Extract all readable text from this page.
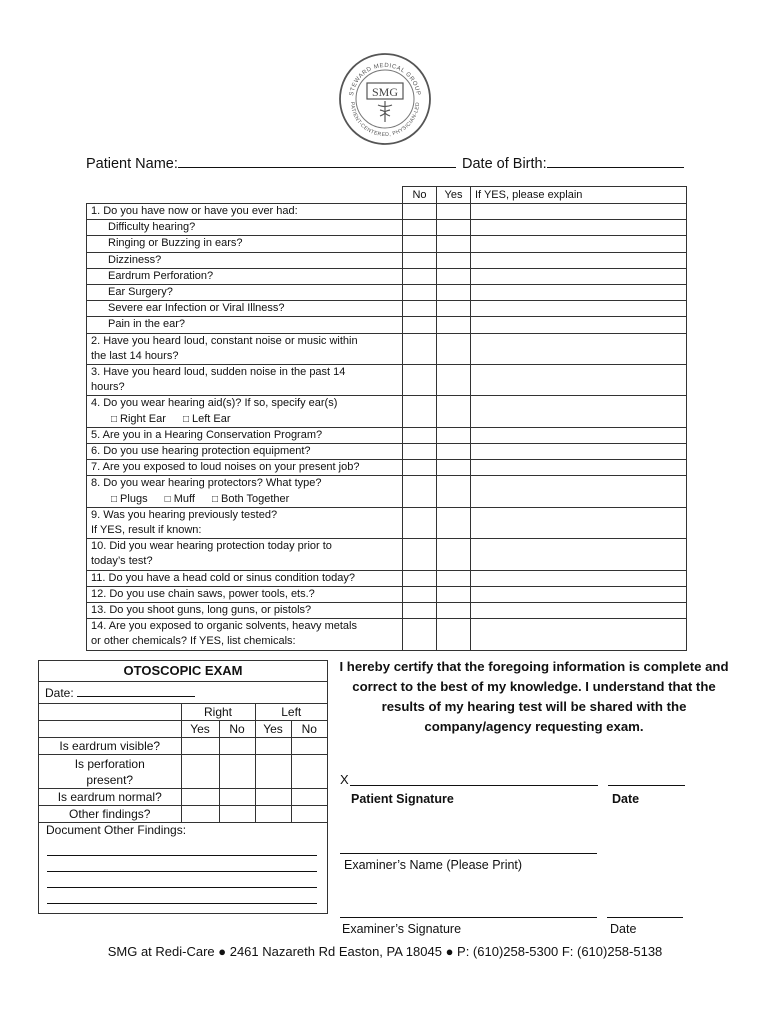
STEWARD MEDICAL GROUP
PATIENT-CENTERED, PHYSICIAN-LED
SMG
Patient Name:	Date of Birth:
	No	Yes	If YES, please explain
1. Do you have now or have you ever had:			
Difficulty hearing?			
Ringing or Buzzing in ears?			
Dizziness?			
Eardrum Perforation?			
Ear Surgery?			
Severe ear Infection or Viral Illness?			
Pain in the ear?			

2. Have you heard loud, constant noise or music within
the last 14 hours?			

3. Have you heard loud, sudden noise in the past 14
hours?			

4. Do you wear hearing aid(s)? If so, specify ear(s)
□ Right Ear □ Left Ear			

5. Are you in a Hearing Conservation Program?			
6. Do you use hearing protection equipment?			
7. Are you exposed to loud noises on your present job?			

8. Do you wear hearing protectors? What type?
□ Plugs □ Muff □ Both Together			

9. Was you hearing previously tested?
If YES, result if known:			

10. Did you wear hearing protection today prior to
today’s test?			

11. Do you have a head cold or sinus condition today?			
12. Do you use chain saws, power tools, ets.?			
13. Do you shoot guns, long guns, or pistols?			

14. Are you exposed to organic solvents, heavy metals
or other chemicals? If YES, list chemicals:			

OTOSCOPIC EXAM				
Date:				
	Right		Left	
	Yes	No	Yes	No
Is eardrum visible?				

Is perforation
present?				

Is eardrum normal?				
Other findings?				
Document Other Findings:
I hereby certify that the foregoing information is complete and correct to the best of my knowledge. I understand that the results of my hearing test will be shared with the company/agency requesting exam.
X
Patient Signature	Date
Examiner’s Name (Please Print)
Examiner’s Signature	Date
SMG at Redi-Care ● 2461 Nazareth Rd Easton, PA 18045 ● P: (610)258-5300 F: (610)258-5138
